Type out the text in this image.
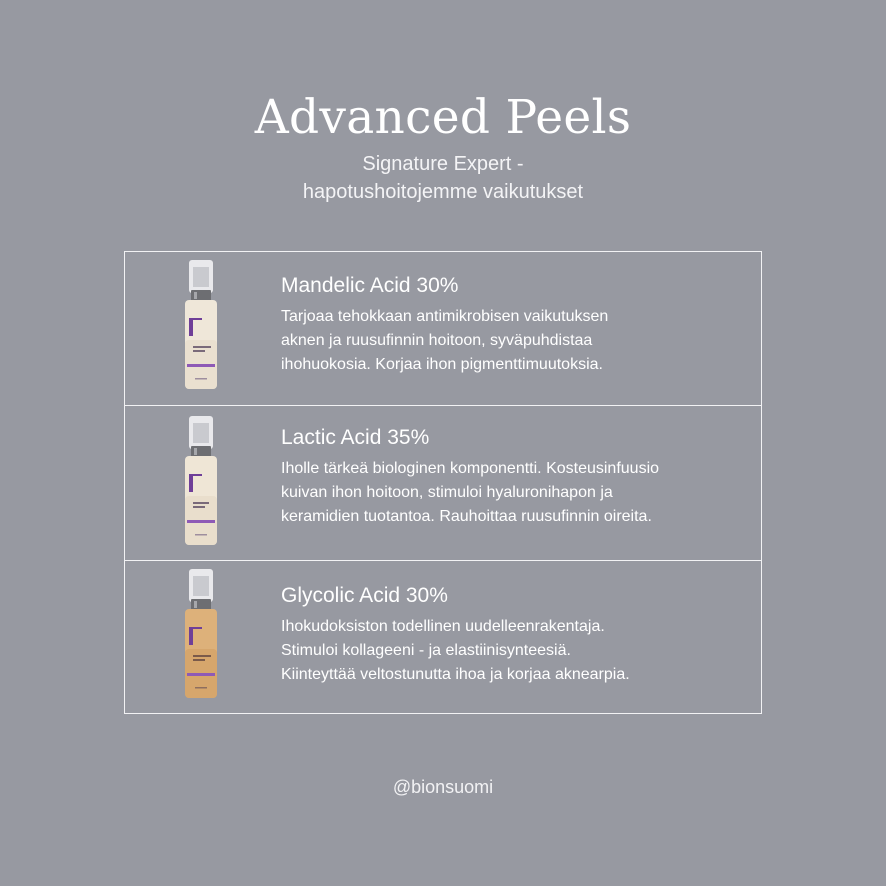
Advanced Peels
Signature Expert -
hapotushoitojemme vaikutukset
Mandelic Acid 30%
Tarjoaa tehokkaan antimikrobisen vaikutuksen
aknen ja ruusufinnin hoitoon, syväpuhdistaa
ihohuokosia. Korjaa ihon pigmenttimuutoksia.
Lactic Acid 35%
Iholle tärkeä biologinen komponentti. Kosteusinfuusio
kuivan ihon hoitoon, stimuloi hyaluronihapon ja
keramidien tuotantoa. Rauhoittaa ruusufinnin oireita.
Glycolic Acid 30%
Ihokudoksiston todellinen uudelleenrakentaja.
Stimuloi kollageeni - ja elastiinisynteesiä.
Kiinteyttää veltostunutta ihoa ja korjaa aknearpia.
@bionsuomi
